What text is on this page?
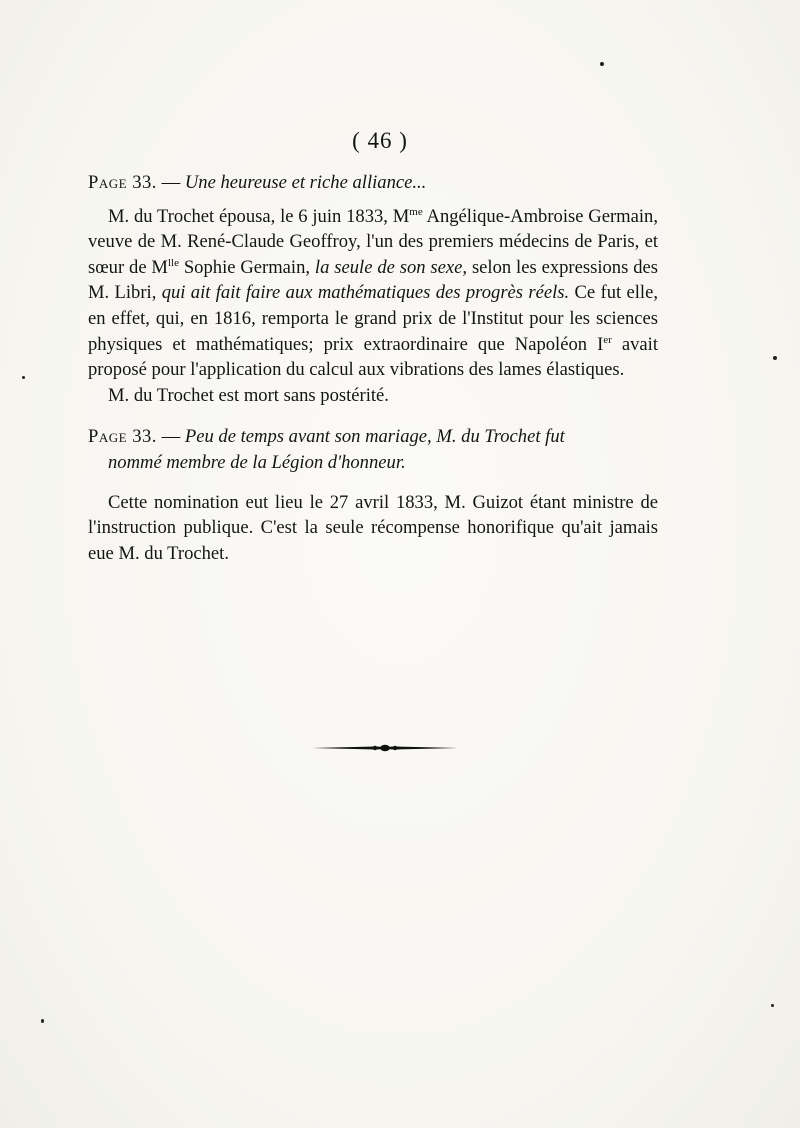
( 46 )

Page 33. — Une heureuse et riche alliance...

M. du Trochet épousa, le 6 juin 1833, $M^{me}$ Angélique-Ambroise Germain, veuve de M. René-Claude Geoffroy, l'un des premiers médecins de Paris, et sœur de $M^{lle}$ Sophie Germain, la seule de son sexe, selon les expressions des M. Libri, qui ait fait faire aux mathématiques des progrès réels. Ce fut elle, en effet, qui, en 1816, remporta le grand prix de l'Institut pour les sciences physiques et mathématiques; prix extraordinaire que Napoléon Ier avait proposé pour l'application du calcul aux vibrations des lames élastiques.

M. du Trochet est mort sans postérité.

Page 33. — Peu de temps avant son mariage, M. du Trochet fut
nommé membre de la Légion d'honneur.

Cette nomination eut lieu le 27 avril 1833, M. Guizot étant ministre de l'instruction publique. C'est la seule récompense honorifique qu'ait jamais eue M. du Trochet.
